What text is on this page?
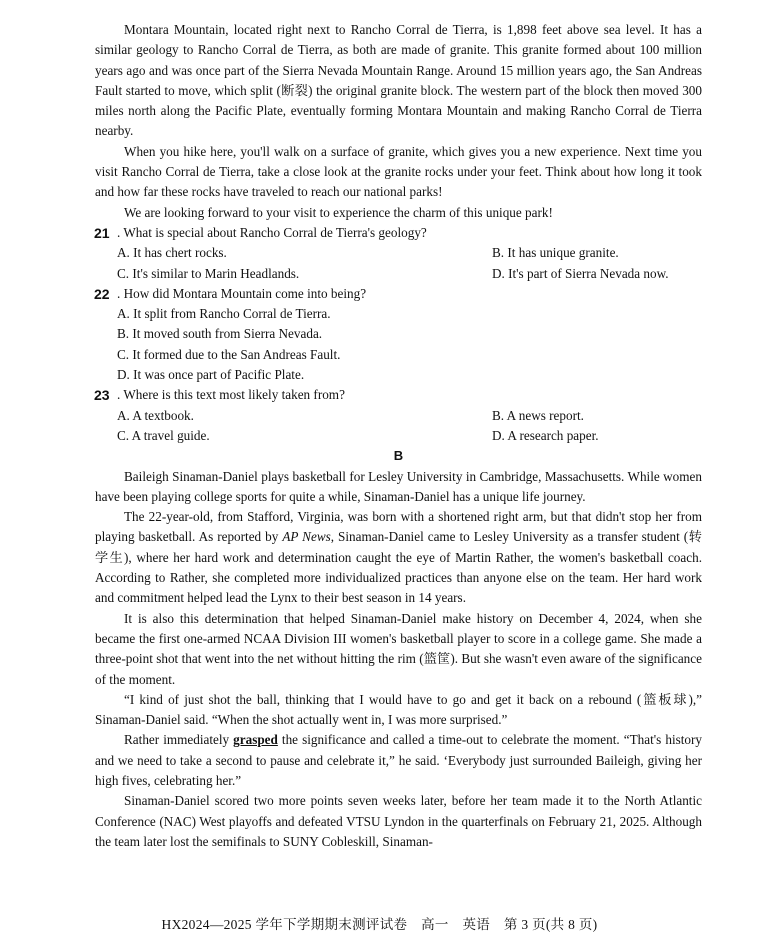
Montara Mountain, located right next to Rancho Corral de Tierra, is 1,898 feet above sea level. It has a similar geology to Rancho Corral de Tierra, as both are made of granite. This granite formed about 100 million years ago and was once part of the Sierra Nevada Mountain Range. Around 15 million years ago, the San Andreas Fault started to move, which split (断裂) the original granite block. The western part of the block then moved 300 miles north along the Pacific Plate, eventually forming Montara Mountain and making Rancho Corral de Tierra nearby.

When you hike here, you'll walk on a surface of granite, which gives you a new experience. Next time you visit Rancho Corral de Tierra, take a close look at the granite rocks under your feet. Think about how long it took and how far these rocks have traveled to reach our national parks!

We are looking forward to your visit to experience the charm of this unique park!

21 . What is special about Rancho Corral de Tierra's geology?

A. It has chert rocks.	B. It has unique granite.
C. It's similar to Marin Headlands.	D. It's part of Sierra Nevada now.

22 . How did Montara Mountain come into being?

A. It split from Rancho Corral de Tierra.

B. It moved south from Sierra Nevada.

C. It formed due to the San Andreas Fault.

D. It was once part of Pacific Plate.

23 . Where is this text most likely taken from?

A. A textbook.	B. A news report.
C. A travel guide.	D. A research paper.

B

Baileigh Sinaman-Daniel plays basketball for Lesley University in Cambridge, Massachusetts. While women have been playing college sports for quite a while, Sinaman-Daniel has a unique life journey.

The 22-year-old, from Stafford, Virginia, was born with a shortened right arm, but that didn't stop her from playing basketball. As reported by AP News, Sinaman-Daniel came to Lesley University as a transfer student (转学生), where her hard work and determination caught the eye of Martin Rather, the women's basketball coach. According to Rather, she completed more individualized practices than anyone else on the team. Her hard work and commitment helped lead the Lynx to their best season in 14 years.

It is also this determination that helped Sinaman-Daniel make history on December 4, 2024, when she became the first one-armed NCAA Division III women's basketball player to score in a college game. She made a three-point shot that went into the net without hitting the rim (篮筐). But she wasn't even aware of the significance of the moment.

“I kind of just shot the ball, thinking that I would have to go and get it back on a rebound (篮板球),” Sinaman-Daniel said. “When the shot actually went in, I was more surprised.”

Rather immediately grasped the significance and called a time-out to celebrate the moment. “That's history and we need to take a second to pause and celebrate it,” he said. ‘Everybody just surrounded Baileigh, giving her high fives, celebrating her.”

Sinaman-Daniel scored two more points seven weeks later, before her team made it to the North Atlantic Conference (NAC) West playoffs and defeated VTSU Lyndon in the quarterfinals on February 21, 2025. Although the team later lost the semifinals to SUNY Cobleskill, Sinaman-

HX2024—2025 学年下学期期末测评试卷　高一　英语　第 3 页(共 8 页)
